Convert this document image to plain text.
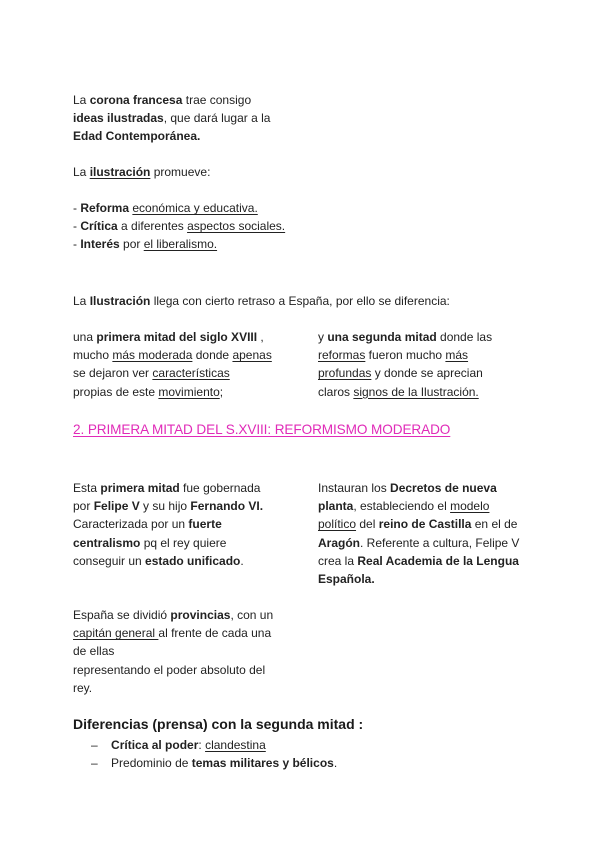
La corona francesa trae consigo
ideas ilustradas, que dará lugar a la
Edad Contemporánea.
La ilustración promueve:
- Reforma económica y educativa.
- Crítica a diferentes aspectos sociales.
- Interés por el liberalismo.
La Ilustración llega con cierto retraso a España, por ello se diferencia:
una primera mitad del siglo XVIII ,
mucho más moderada donde apenas
se dejaron ver características
propias de este movimiento;
y una segunda mitad donde las
reformas fueron mucho más
profundas y donde se aprecian
claros signos de la Ilustración.
2. PRIMERA MITAD DEL S.XVIII: REFORMISMO MODERADO
Esta primera mitad fue gobernada
por Felipe V y su hijo Fernando VI.
Caracterizada por un fuerte
centralismo pq el rey quiere
conseguir un estado unificado.
Instauran los Decretos de nueva
planta, estableciendo el modelo
político del reino de Castilla en el de
Aragón. Referente a cultura, Felipe V
crea la Real Academia de la Lengua
Española.
España se dividió provincias, con un
capitán general al frente de cada una
de ellas
representando el poder absoluto del
rey.
Diferencias (prensa) con la segunda mitad :
– Crítica al poder: clandestina
– Predominio de temas militares y bélicos.
